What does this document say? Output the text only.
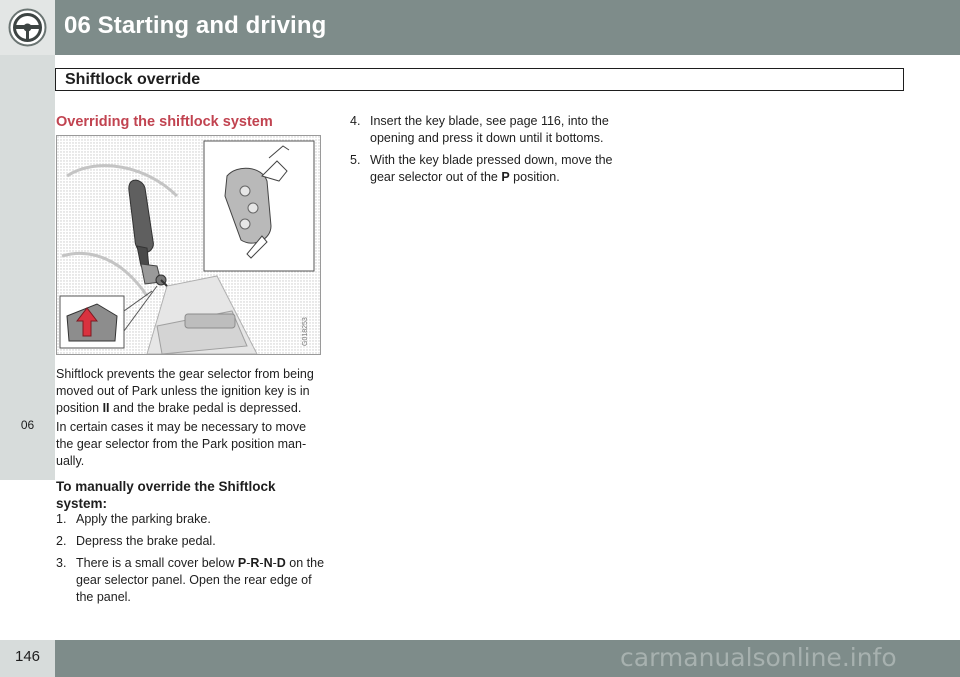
06 Starting and driving
06
Shiftlock override
Overriding the shiftlock system
G018253

Shiftlock prevents the gear selector from being moved out of Park unless the ignition key is in position II and the brake pedal is depressed.

In certain cases it may be necessary to move the gear selector from the Park position man-ually.

To manually override the Shiftlock system:
1. Apply the parking brake.
2. Depress the brake pedal.
3. There is a small cover below P-R-N-D on the gear selector panel. Open the rear edge of the panel.
4. Insert the key blade, see page 116, into the opening and press it down until it bottoms.
5. With the key blade pressed down, move the gear selector out of the P position.
146	carmanualsonline.info
